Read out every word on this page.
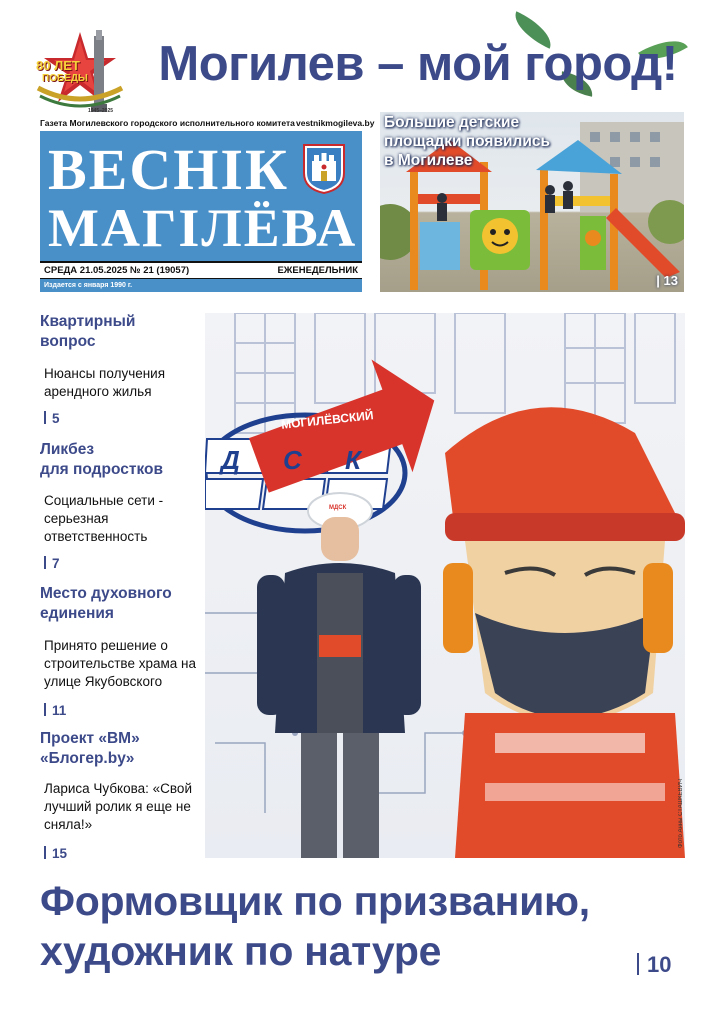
80 ЛЕТ
ПОБЕДЫ
1945–2025
Могилев – мой город!
Газета Могилевского городского исполнительного комитета vestnikmogileva.by
ВЕСНІК
МАГІЛЁВА
СРЕДА 21.05.2025 № 21 (19057)	ЕЖЕНЕДЕЛЬНИК
Издается с января 1990 г.
Большие детские
площадки появились
в Могилеве
| 13
Квартирный
вопрос
Нюансы получения арендного жилья
5
Ликбез
для подростков
Социальные сети - серьезная ответственность
7
Место духовного
единения
Принято решение о строительстве храма на улице Якубовского
11
Проект «ВМ»
«Блогер.by»
Лариса Чубкова: «Свой лучший ролик я еще не сняла!»
15
МОГИЛЁВСКИЙ
Д С К
МДСК
Фото Анны СТАШКЕВИЧ
Формовщик по призванию,
художник по натуре	10
